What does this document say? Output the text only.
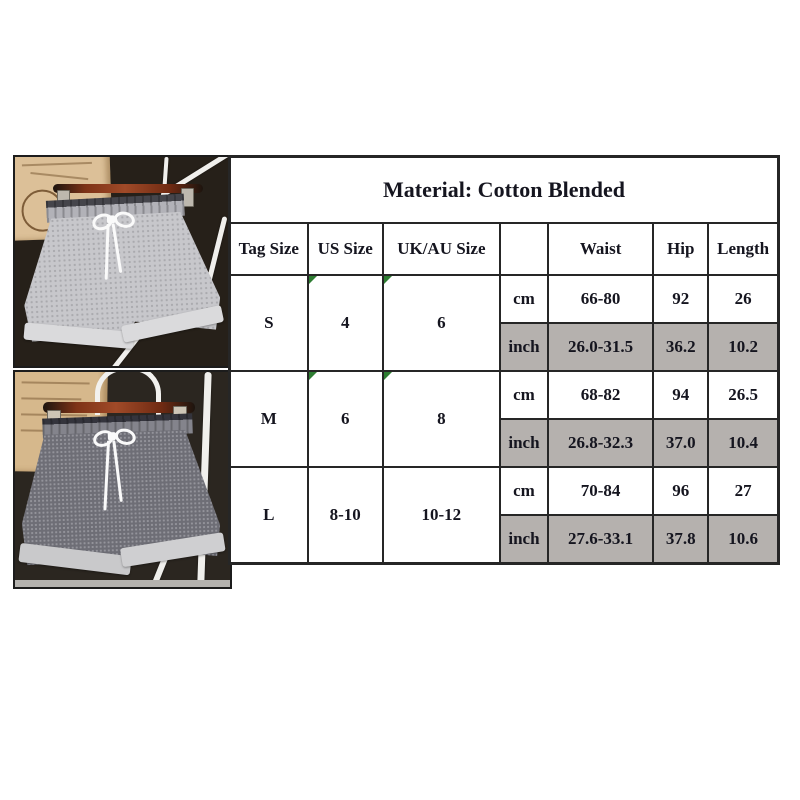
Material: Cotton Blended						
Tag Size	US Size	UK/AU Size		Waist	Hip	Length
S	4	6	cm	66-80	92	26
			inch	26.0-31.5	36.2	10.2
M	6	8	cm	68-82	94	26.5
			inch	26.8-32.3	37.0	10.4
L	8-10	10-12	cm	70-84	96	27
			inch	27.6-33.1	37.8	10.6
